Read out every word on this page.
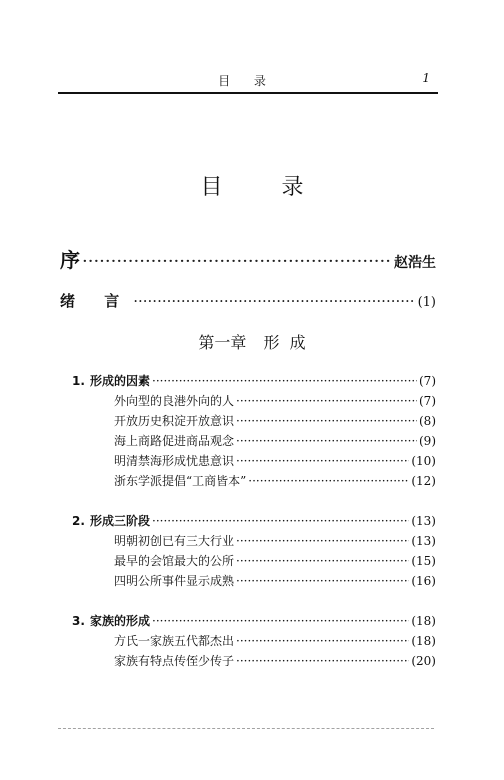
目 录	1
目 录
序 ·····	赵浩生
绪 言 ·····	(1)
第一章 形  成
1. 形成的因素 ·····	(7)
外向型的良港外向的人 ·····	(7)
开放历史积淀开放意识 ·····	(8)
海上商路促进商品观念 ·····	(9)
明清禁海形成忧患意识 ·····	(10)
浙东学派提倡“工商皆本” ·····	(12)
2. 形成三阶段 ·····	(13)
明朝初创已有三大行业 ·····	(13)
最早的会馆最大的公所 ·····	(15)
四明公所事件显示成熟 ·····	(16)
3. 家族的形成 ·····	(18)
方氏一家族五代都杰出 ·····	(18)
家族有特点传侄少传子 ·····	(20)
